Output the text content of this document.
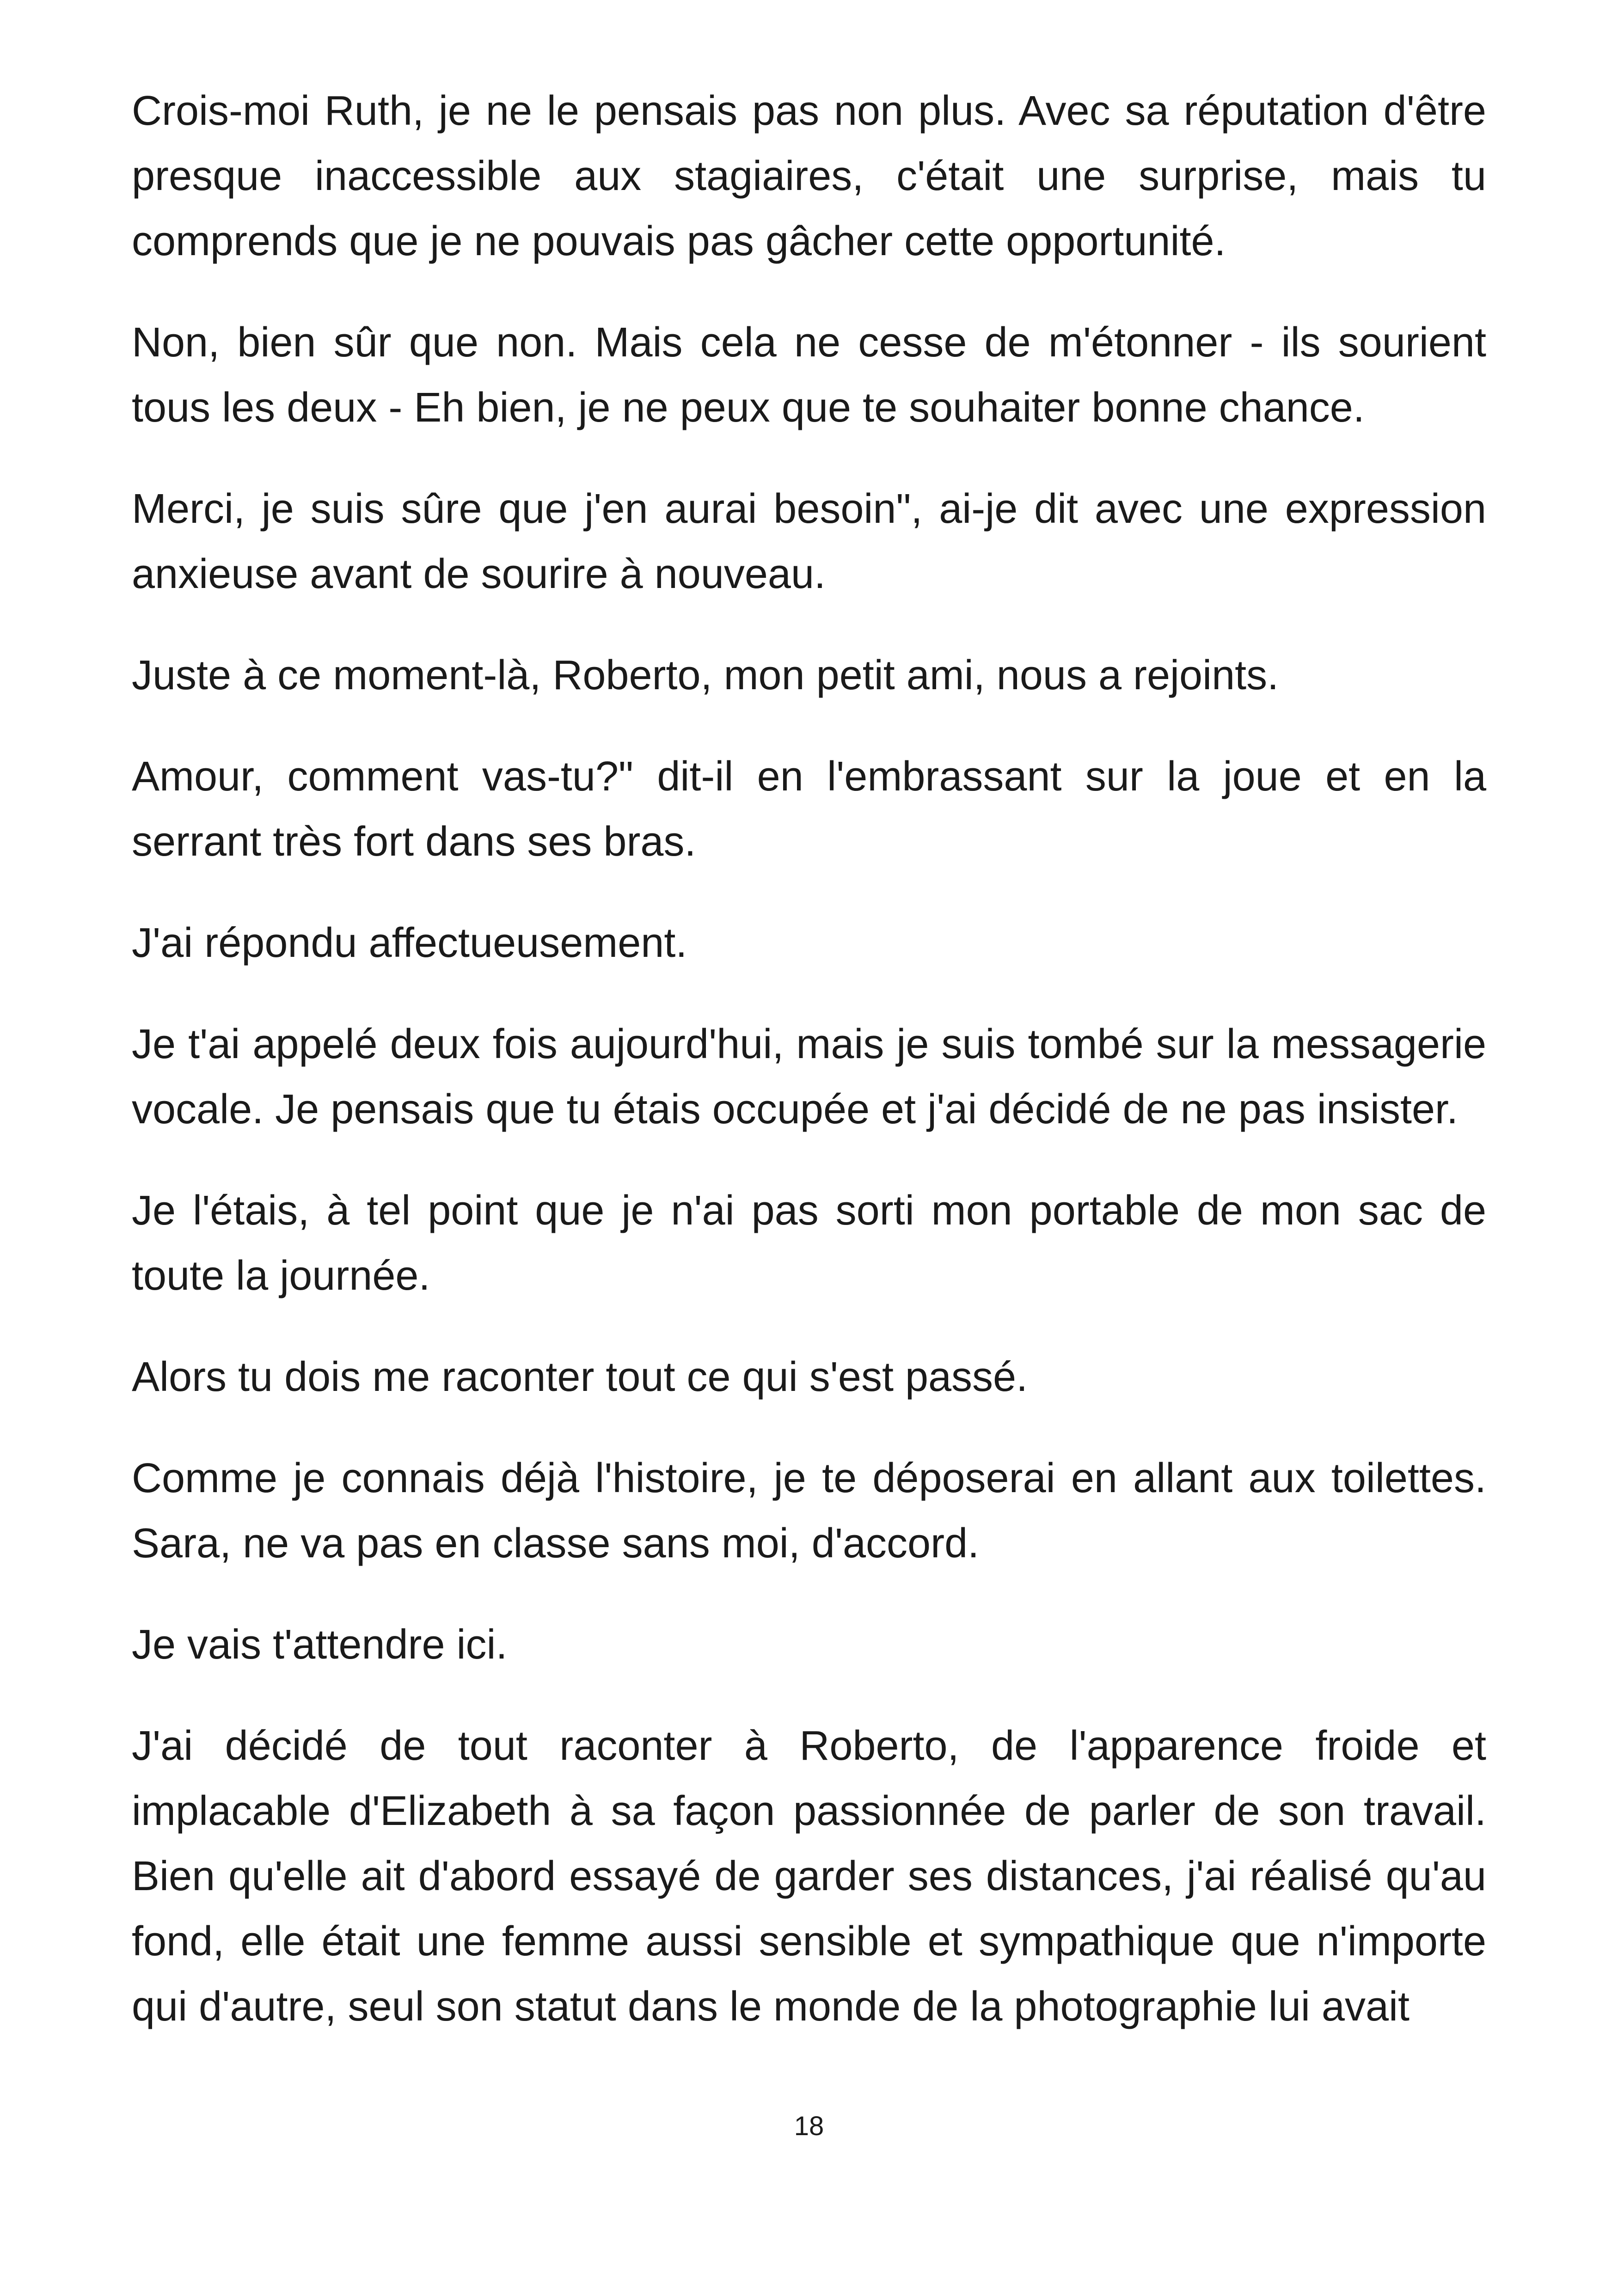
Crois-moi Ruth, je ne le pensais pas non plus. Avec sa réputation d'être presque inaccessible aux stagiaires, c'était une surprise, mais tu comprends que je ne pouvais pas gâcher cette opportunité.

Non, bien sûr que non. Mais cela ne cesse de m'étonner - ils sourient tous les deux - Eh bien, je ne peux que te souhaiter bonne chance.

Merci, je suis sûre que j'en aurai besoin", ai-je dit avec une expression anxieuse avant de sourire à nouveau.

Juste à ce moment-là, Roberto, mon petit ami, nous a rejoints.

Amour, comment vas-tu?" dit-il en l'embrassant sur la joue et en la serrant très fort dans ses bras.

J'ai répondu affectueusement.

Je t'ai appelé deux fois aujourd'hui, mais je suis tombé sur la messagerie vocale. Je pensais que tu étais occupée et j'ai décidé de ne pas insister.

Je l'étais, à tel point que je n'ai pas sorti mon portable de mon sac de toute la journée.

Alors tu dois me raconter tout ce qui s'est passé.

Comme je connais déjà l'histoire, je te déposerai en allant aux toilettes. Sara, ne va pas en classe sans moi, d'accord.

Je vais t'attendre ici.

J'ai décidé de tout raconter à Roberto, de l'apparence froide et implacable d'Elizabeth à sa façon passionnée de parler de son travail. Bien qu'elle ait d'abord essayé de garder ses distances, j'ai réalisé qu'au fond, elle était une femme aussi sensible et sympathique que n'importe qui d'autre, seul son statut dans le monde de la photographie lui avait

18
